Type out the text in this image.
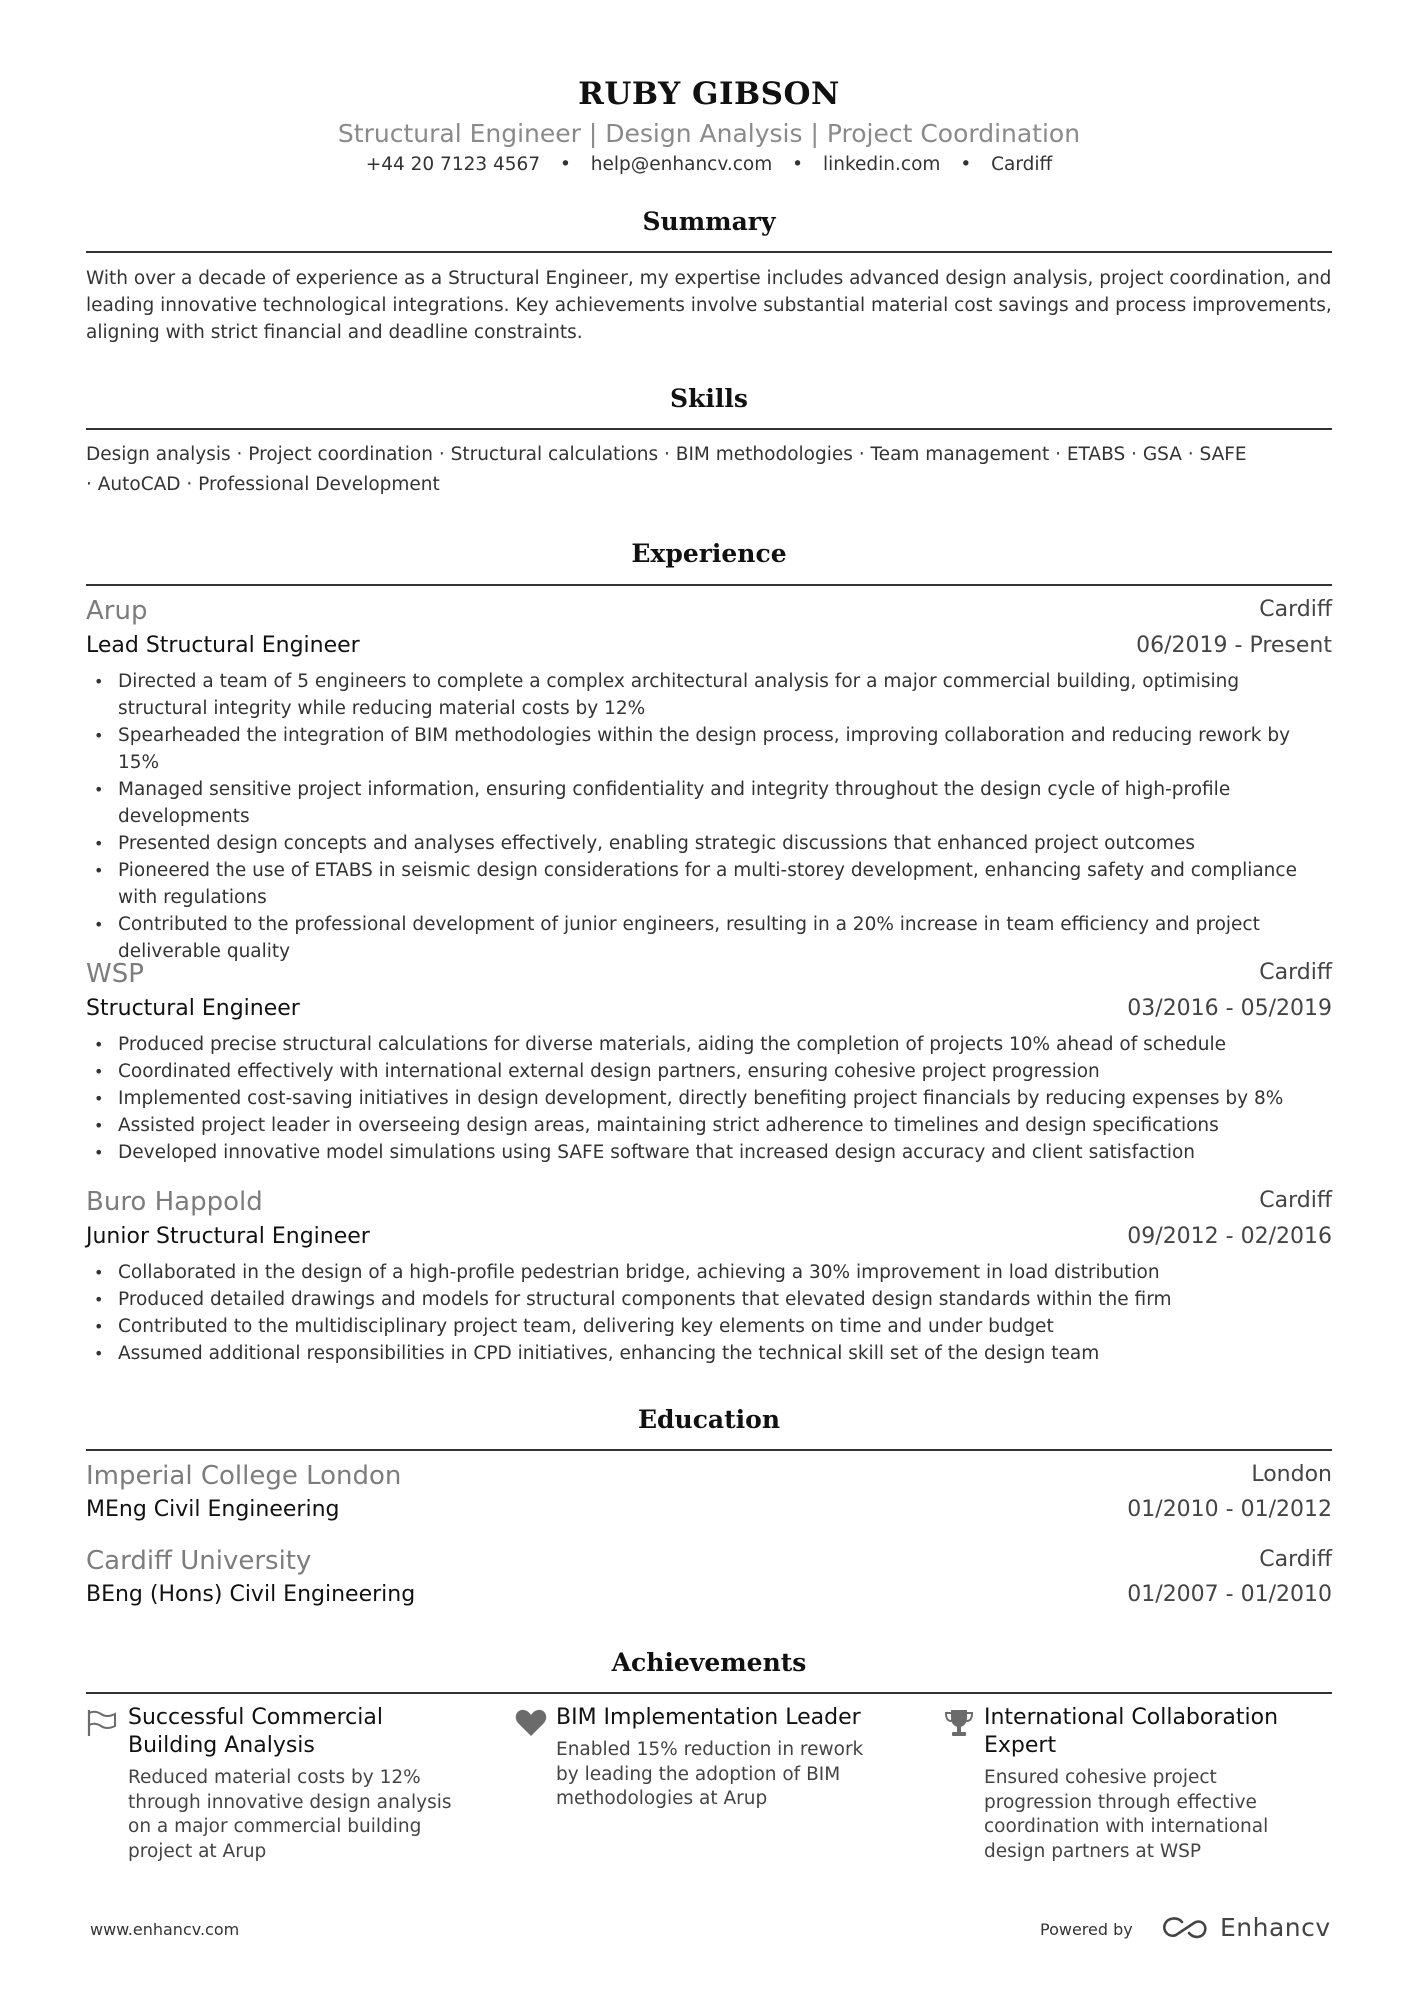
RUBY GIBSON
Structural Engineer | Design Analysis | Project Coordination
+44 20 7123 4567 • help@enhancv.com • linkedin.com • Cardiff
Summary
With over a decade of experience as a Structural Engineer, my expertise includes advanced design analysis, project coordination, and leading innovative technological integrations. Key achievements involve substantial material cost savings and process improvements, aligning with strict financial and deadline constraints.
Skills
Design analysis · Project coordination · Structural calculations · BIM methodologies · Team management · ETABS · GSA · SAFE · AutoCAD · Professional Development
Experience
Arup	Cardiff
Lead Structural Engineer	06/2019 - Present
• Directed a team of 5 engineers to complete a complex architectural analysis for a major commercial building, optimising structural integrity while reducing material costs by 12%
• Spearheaded the integration of BIM methodologies within the design process, improving collaboration and reducing rework by 15%
• Managed sensitive project information, ensuring confidentiality and integrity throughout the design cycle of high-profile developments
• Presented design concepts and analyses effectively, enabling strategic discussions that enhanced project outcomes
• Pioneered the use of ETABS in seismic design considerations for a multi-storey development, enhancing safety and compliance with regulations
• Contributed to the professional development of junior engineers, resulting in a 20% increase in team efficiency and project deliverable quality
WSP	Cardiff
Structural Engineer	03/2016 - 05/2019
• Produced precise structural calculations for diverse materials, aiding the completion of projects 10% ahead of schedule
• Coordinated effectively with international external design partners, ensuring cohesive project progression
• Implemented cost-saving initiatives in design development, directly benefiting project financials by reducing expenses by 8%
• Assisted project leader in overseeing design areas, maintaining strict adherence to timelines and design specifications
• Developed innovative model simulations using SAFE software that increased design accuracy and client satisfaction
Buro Happold	Cardiff
Junior Structural Engineer	09/2012 - 02/2016
• Collaborated in the design of a high-profile pedestrian bridge, achieving a 30% improvement in load distribution
• Produced detailed drawings and models for structural components that elevated design standards within the firm
• Contributed to the multidisciplinary project team, delivering key elements on time and under budget
• Assumed additional responsibilities in CPD initiatives, enhancing the technical skill set of the design team
Education
Imperial College London	London
MEng Civil Engineering	01/2010 - 01/2012
Cardiff University	Cardiff
BEng (Hons) Civil Engineering	01/2007 - 01/2010
Achievements
Successful Commercial Building Analysis
Reduced material costs by 12% through innovative design analysis on a major commercial building project at Arup
BIM Implementation Leader
Enabled 15% reduction in rework by leading the adoption of BIM methodologies at Arup
International Collaboration Expert
Ensured cohesive project progression through effective coordination with international design partners at WSP
www.enhancv.com	Powered by	Enhancv
